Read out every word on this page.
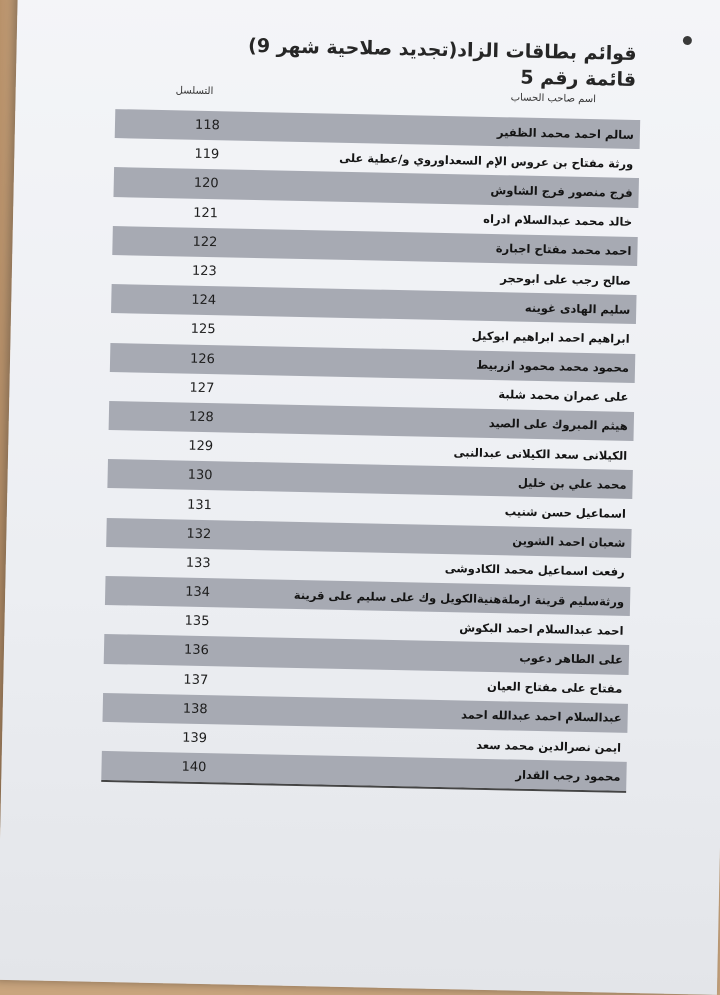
قوائم بطاقات الزاد(تجديد صلاحية شهر 9)
قائمة رقم 5
اسم صاحب الحساب
التسلسل
118	سالم احمد محمد الظفير
119	ورثة مفتاح بن عروس الإم السعداوروي و/عطية على
120	فرج منصور فرج الشاوش
121	خالد محمد عبدالسلام ادراه
122	احمد محمد مفتاح اجبارة
123	صالح رجب على ابوحجر
124	سليم الهادى غوينه
125	ابراهيم احمد ابراهيم ابوكيل
126	محمود محمد محمود ازربيط
127	على عمران محمد شلبة
128	هيثم المبروك على الصيد
129	الكيلانى سعد الكيلانى عبدالنبى
130	محمد علي بن خليل
131	اسماعيل حسن شنيب
132	شعبان احمد الشوين
133	رفعت اسماعيل محمد الكادوشى
134	ورثةسليم قرينة ارملةهنيةالكويل وك على سليم على قرينة
135	احمد عبدالسلام احمد البكوش
136	على الطاهر دعوب
137	مفتاح على مفتاح العيان
138	عبدالسلام احمد عبدالله احمد
139	ايمن نصرالدين محمد سعد
140	محمود رجب القدار
